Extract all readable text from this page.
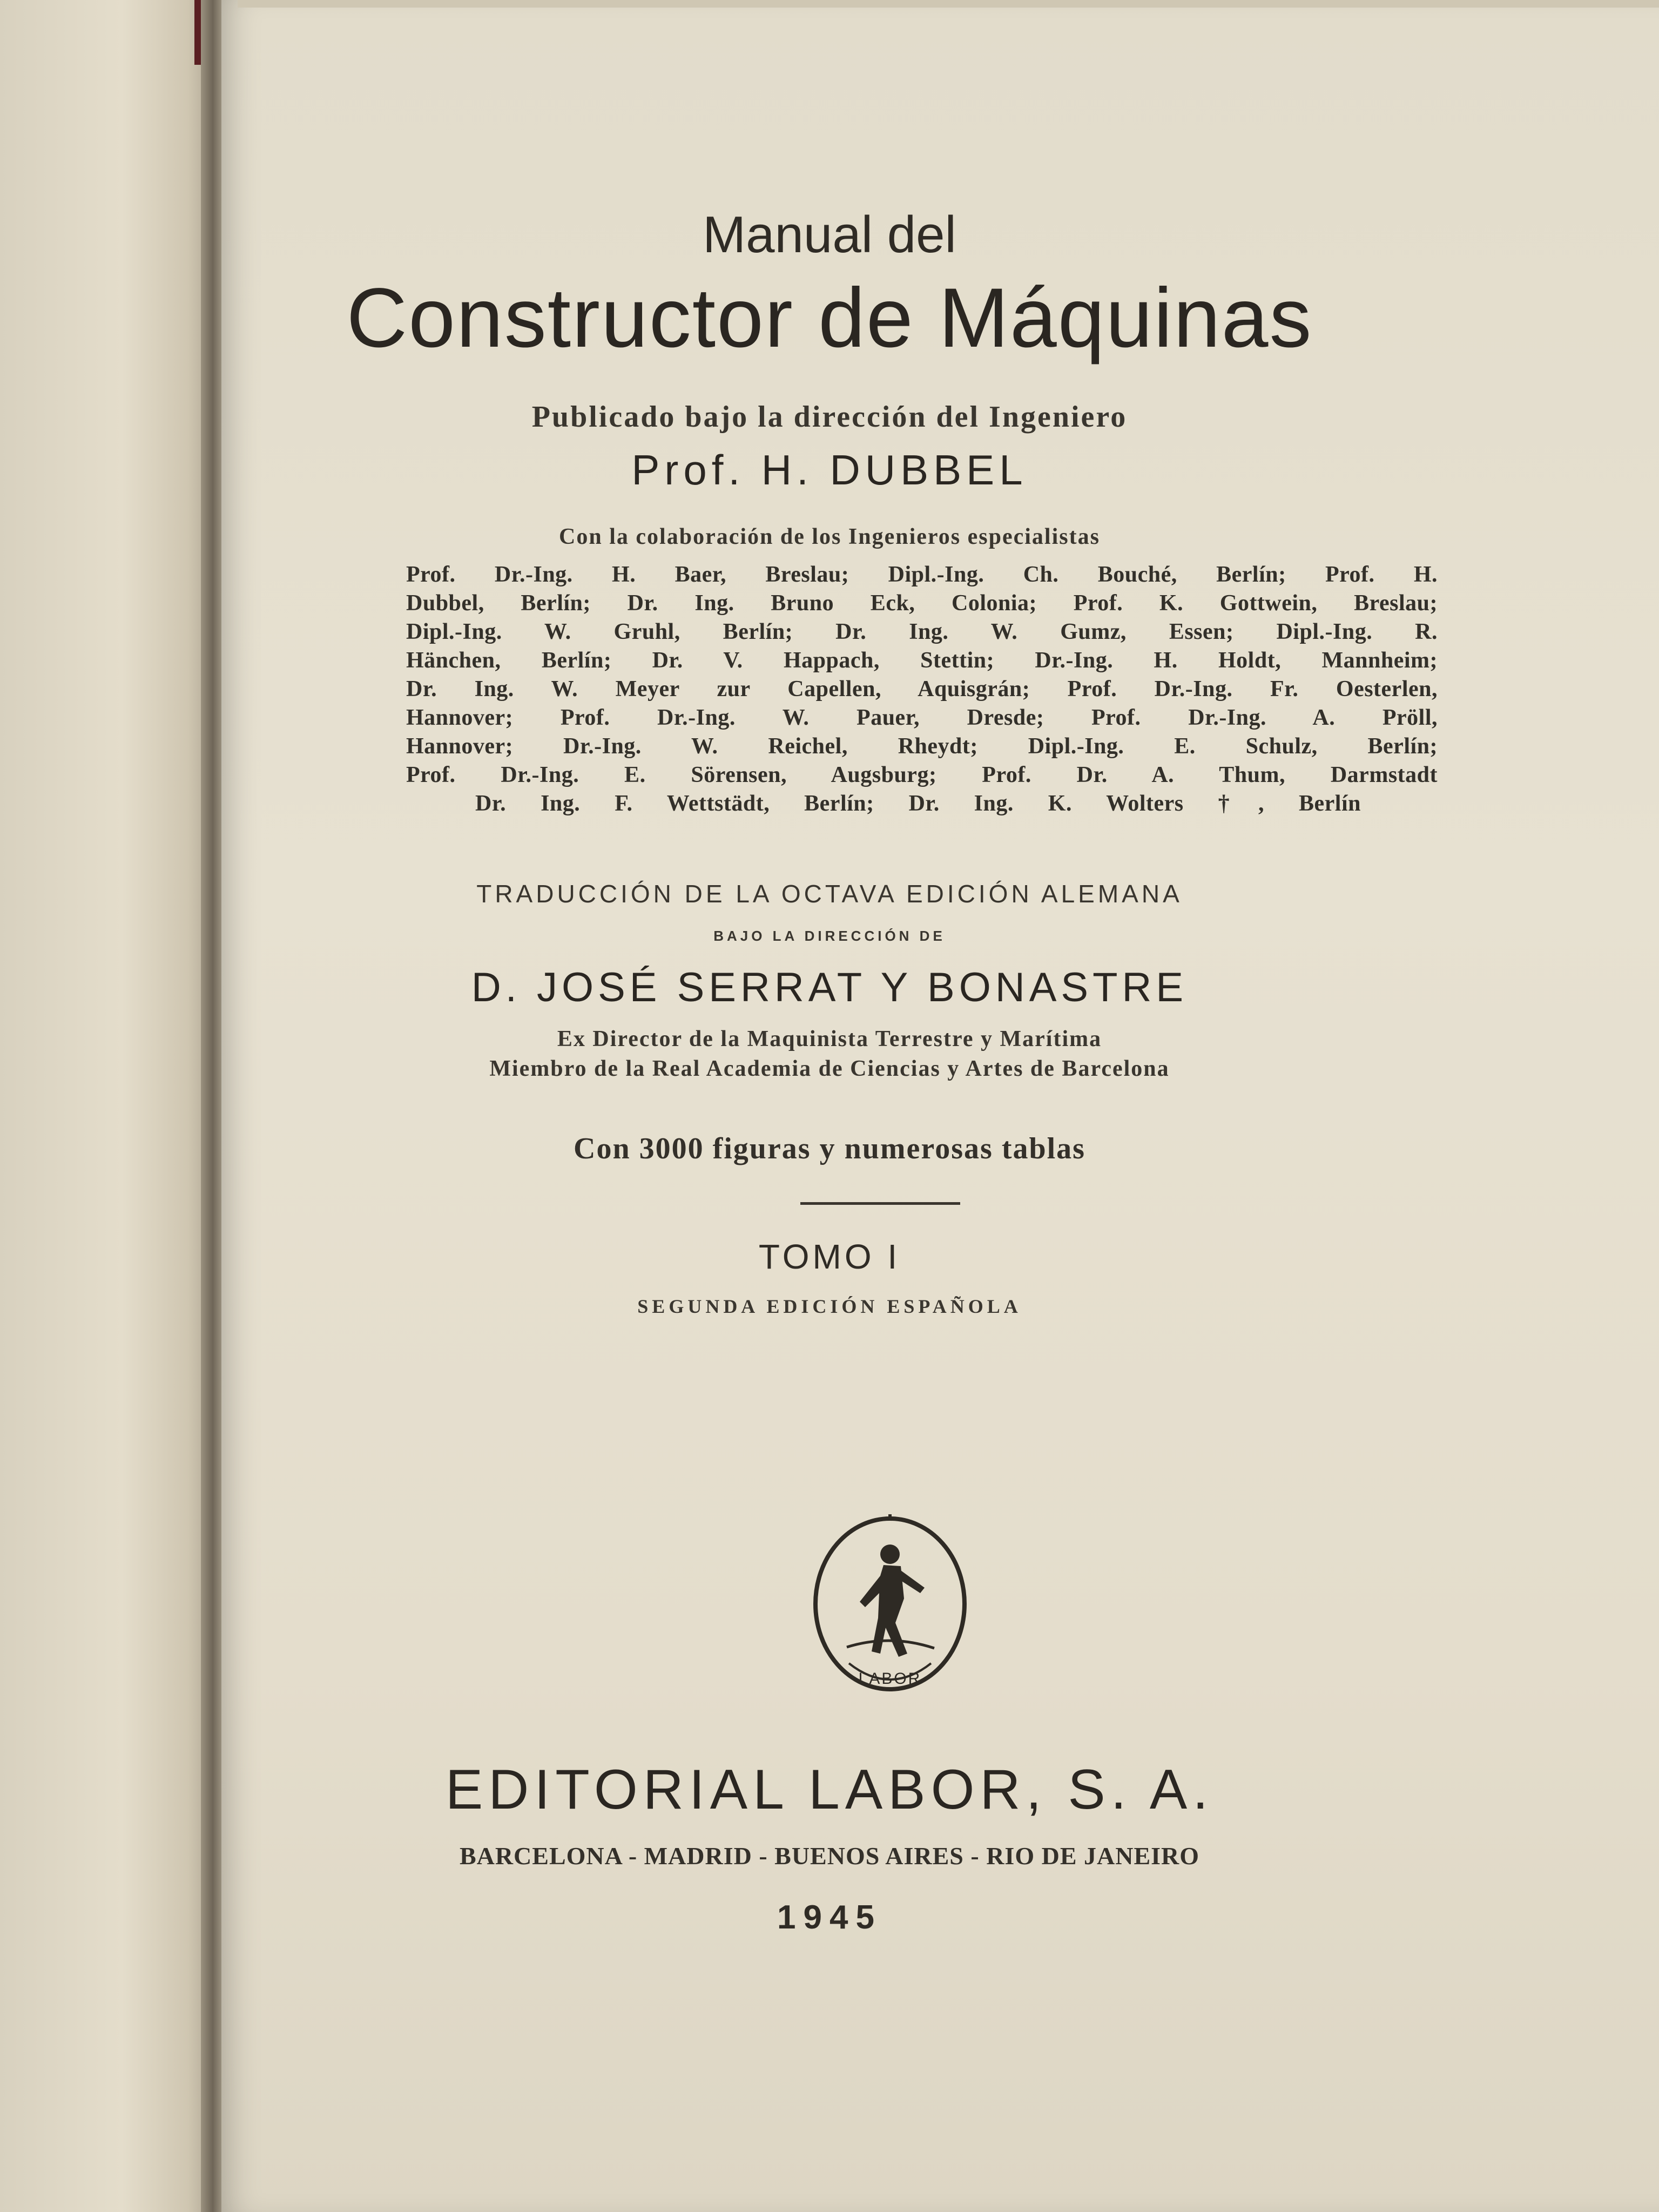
Manual del

Constructor de Máquinas

Publicado bajo la dirección del Ingeniero

Prof. H. DUBBEL

Con la colaboración de los Ingenieros especialistas

Prof. Dr.-Ing. H. Baer, Breslau; Dipl.-Ing. Ch. Bouché, Berlín; Prof. H.

Dubbel, Berlín; Dr. Ing. Bruno Eck, Colonia; Prof. K. Gottwein, Breslau;

Dipl.-Ing. W. Gruhl, Berlín; Dr. Ing. W. Gumz, Essen; Dipl.-Ing. R.

Hänchen, Berlín; Dr. V. Happach, Stettin; Dr.-Ing. H. Holdt, Mannheim;

Dr. Ing. W. Meyer zur Capellen, Aquisgrán; Prof. Dr.-Ing. Fr. Oesterlen,

Hannover; Prof. Dr.-Ing. W. Pauer, Dresde; Prof. Dr.-Ing. A. Pröll,

Hannover; Dr.-Ing. W. Reichel, Rheydt; Dipl.-Ing. E. Schulz, Berlín;

Prof. Dr.-Ing. E. Sörensen, Augsburg; Prof. Dr. A. Thum, Darmstadt

Dr. Ing. F. Wettstädt, Berlín; Dr. Ing. K. Wolters †, Berlín

TRADUCCIÓN DE LA OCTAVA EDICIÓN ALEMANA

BAJO LA DIRECCIÓN DE

D. JOSÉ SERRAT Y BONASTRE

Ex Director de la Maquinista Terrestre y Marítima

Miembro de la Real Academia de Ciencias y Artes de Barcelona

Con 3000 figuras y numerosas tablas

TOMO I

SEGUNDA EDICIÓN ESPAÑOLA

LABOR

EDITORIAL LABOR, S. A.

BARCELONA - MADRID - BUENOS AIRES - RIO DE JANEIRO

1945
